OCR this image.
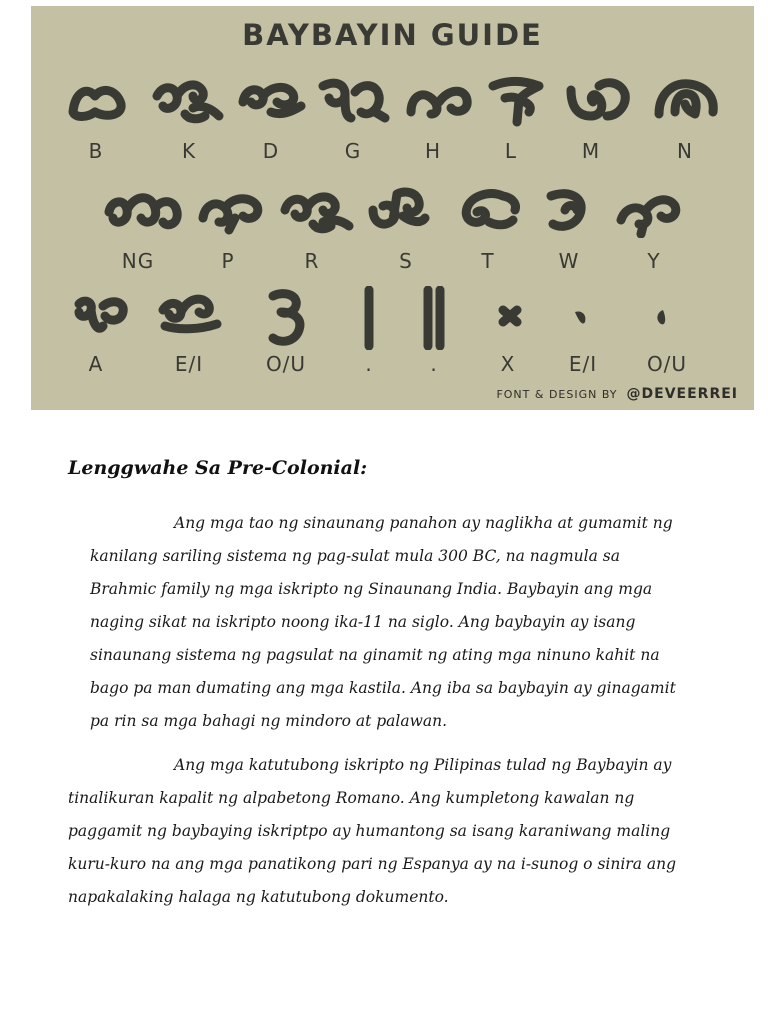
BAYBAYIN GUIDE
B	K	D	G	H	L	M	N
NG	P	R	S	T	W	Y
A	E/I	O/U	.	.	X	E/I O/U
FONT & DESIGN BY @DEVEERREI
Lenggwahe Sa Pre-Colonial:

Ang mga tao ng sinaunang panahon ay naglikha at gumamit ng kanilang sariling sistema ng pag-sulat mula 300 BC, na nagmula sa Brahmic family ng mga iskripto ng Sinaunang India. Baybayin ang mga naging sikat na iskripto noong ika-11 na siglo. Ang baybayin ay isang sinaunang sistema ng pagsulat na ginamit ng ating mga ninuno kahit na bago pa man dumating ang mga kastila. Ang iba sa baybayin ay ginagamit pa rin sa mga bahagi ng mindoro at palawan.

Ang mga katutubong iskripto ng Pilipinas tulad ng Baybayin ay tinalikuran kapalit ng alpabetong Romano. Ang kumpletong kawalan ng paggamit ng baybaying iskriptpo ay humantong sa isang karaniwang maling kuru-kuro na ang mga panatikong pari ng Espanya ay na i-sunog o sinira ang napakalaking halaga ng katutubong dokumento.
